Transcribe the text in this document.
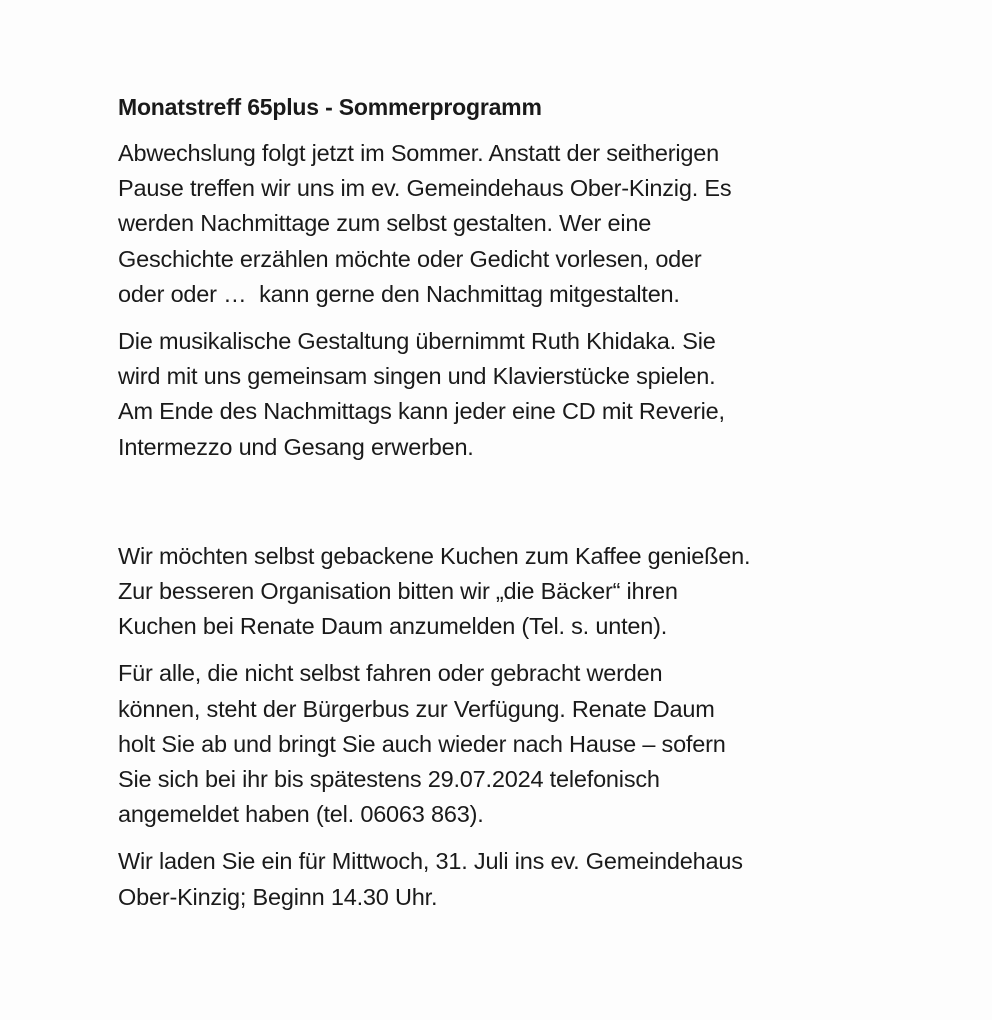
Monatstreff 65plus - Sommerprogramm
Abwechslung folgt jetzt im Sommer. Anstatt der seitherigen
Pause treffen wir uns im ev. Gemeindehaus Ober-Kinzig. Es
werden Nachmittage zum selbst gestalten. Wer eine
Geschichte erzählen möchte oder Gedicht vorlesen, oder
oder oder …  kann gerne den Nachmittag mitgestalten.
Die musikalische Gestaltung übernimmt Ruth Khidaka. Sie
wird mit uns gemeinsam singen und Klavierstücke spielen.
Am Ende des Nachmittags kann jeder eine CD mit Reverie,
Intermezzo und Gesang erwerben.
Wir möchten selbst gebackene Kuchen zum Kaffee genießen.
Zur besseren Organisation bitten wir „die Bäcker“ ihren
Kuchen bei Renate Daum anzumelden (Tel. s. unten).
Für alle, die nicht selbst fahren oder gebracht werden
können, steht der Bürgerbus zur Verfügung. Renate Daum
holt Sie ab und bringt Sie auch wieder nach Hause – sofern
Sie sich bei ihr bis spätestens 29.07.2024 telefonisch
angemeldet haben (tel. 06063 863).
Wir laden Sie ein für Mittwoch, 31. Juli ins ev. Gemeindehaus
Ober-Kinzig; Beginn 14.30 Uhr.
